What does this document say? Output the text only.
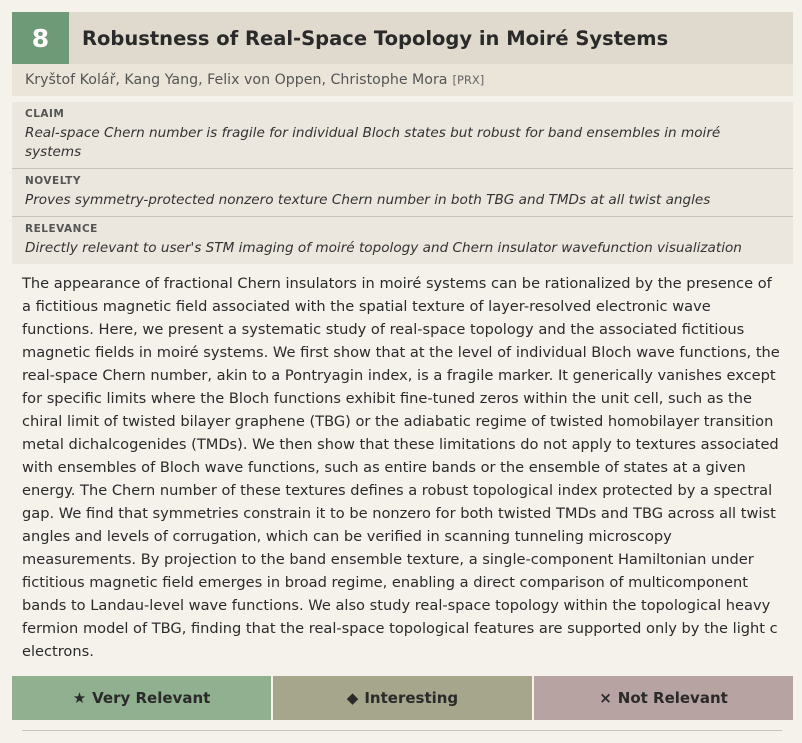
8	Robustness of Real-Space Topology in Moiré Systems
Kryštof Kolář, Kang Yang, Felix von Oppen, Christophe Mora [PRX]
CLAIM
Real-space Chern number is fragile for individual Bloch states but robust for band ensembles in moiré systems
NOVELTY
Proves symmetry-protected nonzero texture Chern number in both TBG and TMDs at all twist angles
RELEVANCE
Directly relevant to user's STM imaging of moiré topology and Chern insulator wavefunction visualization
The appearance of fractional Chern insulators in moiré systems can be rationalized by the presence of a fictitious magnetic field associated with the spatial texture of layer-resolved electronic wave functions. Here, we present a systematic study of real-space topology and the associated fictitious magnetic fields in moiré systems. We first show that at the level of individual Bloch wave functions, the real-space Chern number, akin to a Pontryagin index, is a fragile marker. It generically vanishes except for specific limits where the Bloch functions exhibit fine-tuned zeros within the unit cell, such as the chiral limit of twisted bilayer graphene (TBG) or the adiabatic regime of twisted homobilayer transition metal dichalcogenides (TMDs). We then show that these limitations do not apply to textures associated with ensembles of Bloch wave functions, such as entire bands or the ensemble of states at a given energy. The Chern number of these textures defines a robust topological index protected by a spectral gap. We find that symmetries constrain it to be nonzero for both twisted TMDs and TBG across all twist angles and levels of corrugation, which can be verified in scanning tunneling microscopy measurements. By projection to the band ensemble texture, a single-component Hamiltonian under fictitious magnetic field emerges in broad regime, enabling a direct comparison of multicomponent bands to Landau-level wave functions. We also study real-space topology within the topological heavy fermion model of TBG, finding that the real-space topological features are supported only by the light c electrons.
★ Very Relevant	◆ Interesting	× Not Relevant
